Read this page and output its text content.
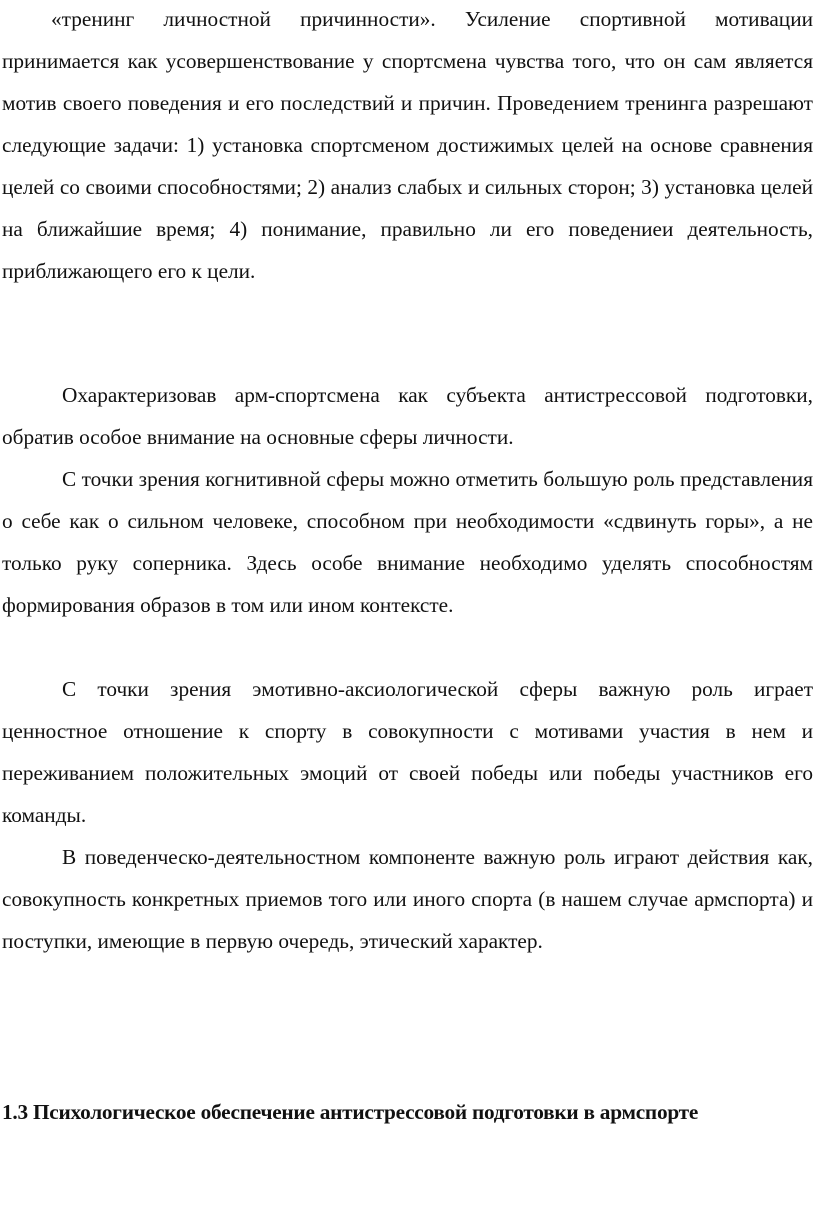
«тренинг личностной причинности». Усиление спортивной мотивации принимается как усовершенствование у спортсмена чувства того, что он сам является мотив своего поведения и его последствий и причин. Проведением тренинга разрешают следующие задачи: 1) установка спортсменом достижимых целей на основе сравнения целей со своими способностями; 2) анализ слабых и сильных сторон; 3) установка целей на ближайшие время; 4) понимание, правильно ли его поведениеи деятельность, приближающего его к цели.

Охарактеризовав арм-спортсмена как субъекта антистрессовой подготовки, обратив особое внимание на основные сферы личности.

С точки зрения когнитивной сферы можно отметить большую роль представления о себе как о сильном человеке, способном при необходимости «сдвинуть горы», а не только руку соперника. Здесь особе внимание необходимо уделять способностям формирования образов в том или ином контексте.

С точки зрения эмотивно-аксиологической сферы важную роль играет ценностное отношение к спорту в совокупности с мотивами участия в нем и переживанием положительных эмоций от своей победы или победы участников его команды.

В поведенческо-деятельностном компоненте важную роль играют действия как, совокупность конкретных приемов того или иного спорта (в нашем случае армспорта) и поступки, имеющие в первую очередь, этический характер.

1.3 Психологическое обеспечение антистрессовой подготовки в армспорте
